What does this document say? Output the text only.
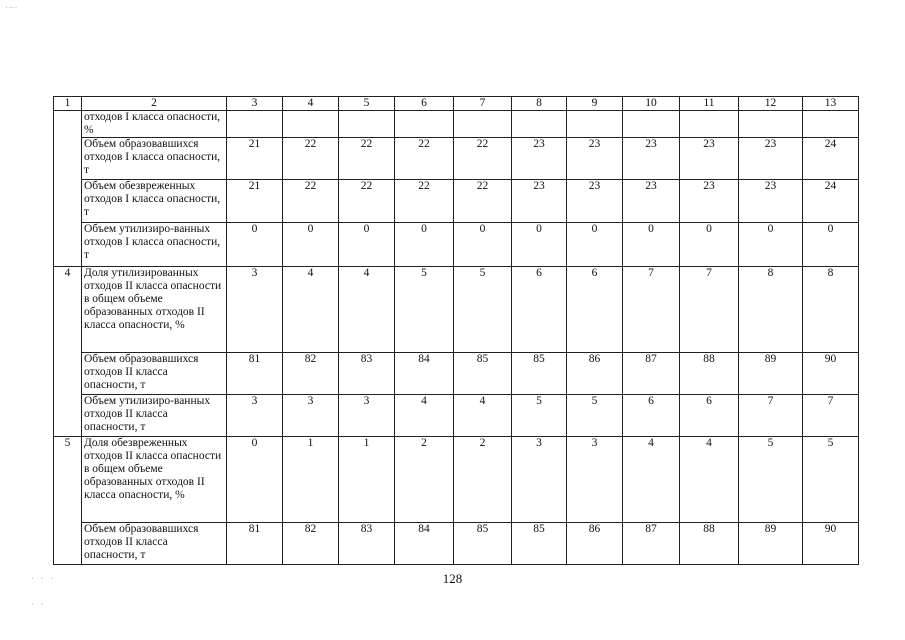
·—·
· · ·
· ·
1	2	3	4	5	6	7	8	9	10	11	12	13
	отходов I класса опасности, %											
	Объем образовавшихся отходов I класса опасности, т	21	22	22	22	22	23	23	23	23	23	24
	Объем обезвреженных отходов I класса опасности, т	21	22	22	22	22	23	23	23	23	23	24
	Объем утилизиро-ванных отходов I класса опасности, т	0	0	0	0	0	0	0	0	0	0	0
4	Доля утилизированных отходов II класса опасности в общем объеме образованных отходов II класса опасности, %	3	4	4	5	5	6	6	7	7	8	8
	Объем образовавшихся отходов II класса опасности, т	81	82	83	84	85	85	86	87	88	89	90
	Объем утилизиро-ванных отходов II класса опасности, т	3	3	3	4	4	5	5	6	6	7	7
5	Доля обезвреженных отходов II класса опасности в общем объеме образованных отходов II класса опасности, %	0	1	1	2	2	3	3	4	4	5	5
	Объем образовавшихся отходов II класса опасности, т	81	82	83	84	85	85	86	87	88	89	90
128
